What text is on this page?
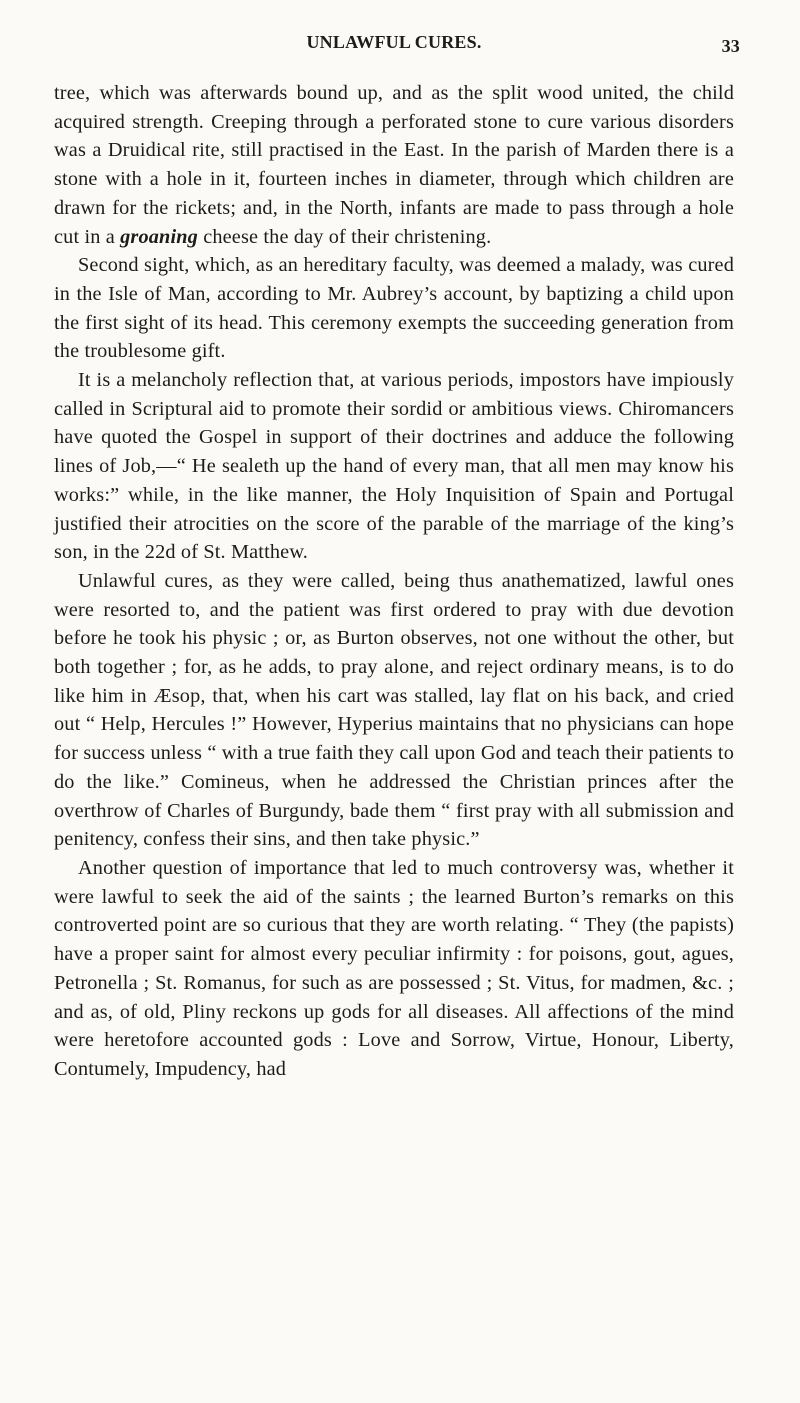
UNLAWFUL CURES.	33

tree, which was afterwards bound up, and as the split wood united, the child acquired strength. Creeping through a perforated stone to cure various disorders was a Druidical rite, still practised in the East. In the parish of Marden there is a stone with a hole in it, fourteen inches in diameter, through which children are drawn for the rickets; and, in the North, infants are made to pass through a hole cut in a groaning cheese the day of their christening.

Second sight, which, as an hereditary faculty, was deemed a malady, was cured in the Isle of Man, according to Mr. Aubrey’s account, by baptizing a child upon the first sight of its head. This ceremony exempts the succeeding generation from the troublesome gift.

It is a melancholy reflection that, at various periods, impostors have impiously called in Scriptural aid to promote their sordid or ambitious views. Chiromancers have quoted the Gospel in support of their doctrines and adduce the following lines of Job,—“ He sealeth up the hand of every man, that all men may know his works:” while, in the like manner, the Holy Inquisition of Spain and Portugal justified their atrocities on the score of the parable of the marriage of the king’s son, in the 22d of St. Matthew.

Unlawful cures, as they were called, being thus anathematized, lawful ones were resorted to, and the patient was first ordered to pray with due devotion before he took his physic ; or, as Burton observes, not one without the other, but both together ; for, as he adds, to pray alone, and reject ordinary means, is to do like him in Æsop, that, when his cart was stalled, lay flat on his back, and cried out “ Help, Hercules !” However, Hyperius maintains that no physicians can hope for success unless “ with a true faith they call upon God and teach their patients to do the like.” Comineus, when he addressed the Christian princes after the overthrow of Charles of Burgundy, bade them “ first pray with all submission and penitency, confess their sins, and then take physic.”

Another question of importance that led to much controversy was, whether it were lawful to seek the aid of the saints ; the learned Burton’s remarks on this controverted point are so curious that they are worth relating. “ They (the papists) have a proper saint for almost every peculiar infirmity : for poisons, gout, agues, Petronella ; St. Romanus, for such as are possessed ; St. Vitus, for madmen, &c. ; and as, of old, Pliny reckons up gods for all diseases. All affections of the mind were heretofore accounted gods : Love and Sorrow, Virtue, Honour, Liberty, Contumely, Impudency, had
